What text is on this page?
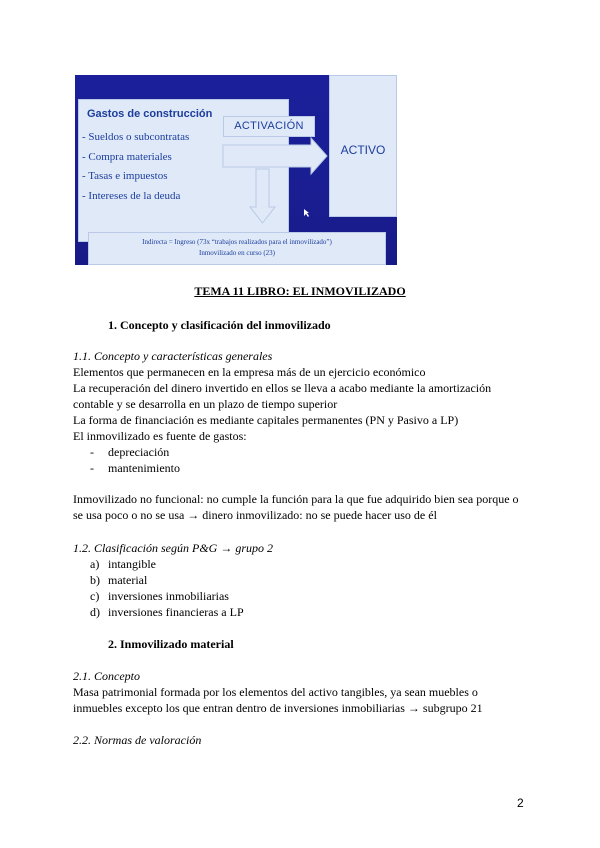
Gastos de construcción
- Sueldos o subcontratas
- Compra materiales
- Tasas e impuestos
- Intereses de la deuda
ACTIVACIÓN
ACTIVO
Indirecta = Ingreso (73x “trabajos realizados para el inmovilizado”)
Inmovilizado en curso (23)
TEMA 11 LIBRO: EL INMOVILIZADO
1. Concepto y clasificación del inmovilizado
1.1. Concepto y características generales
Elementos que permanecen en la empresa más de un ejercicio económico
La recuperación del dinero invertido en ellos se lleva a acabo mediante la amortización
contable y se desarrolla en un plazo de tiempo superior
La forma de financiación es mediante capitales permanentes (PN y Pasivo a LP)
El inmovilizado es fuente de gastos:
- depreciación
- mantenimiento
Inmovilizado no funcional: no cumple la función para la que fue adquirido bien sea porque o
se usa poco o no se usa → dinero inmovilizado: no se puede hacer uso de él
1.2. Clasificación según P&G → grupo 2
a) intangible
b) material
c) inversiones inmobiliarias
d) inversiones financieras a LP
2. Inmovilizado material
2.1. Concepto
Masa patrimonial formada por los elementos del activo tangibles, ya sean muebles o
inmuebles excepto los que entran dentro de inversiones inmobiliarias → subgrupo 21
2.2. Normas de valoración
2
